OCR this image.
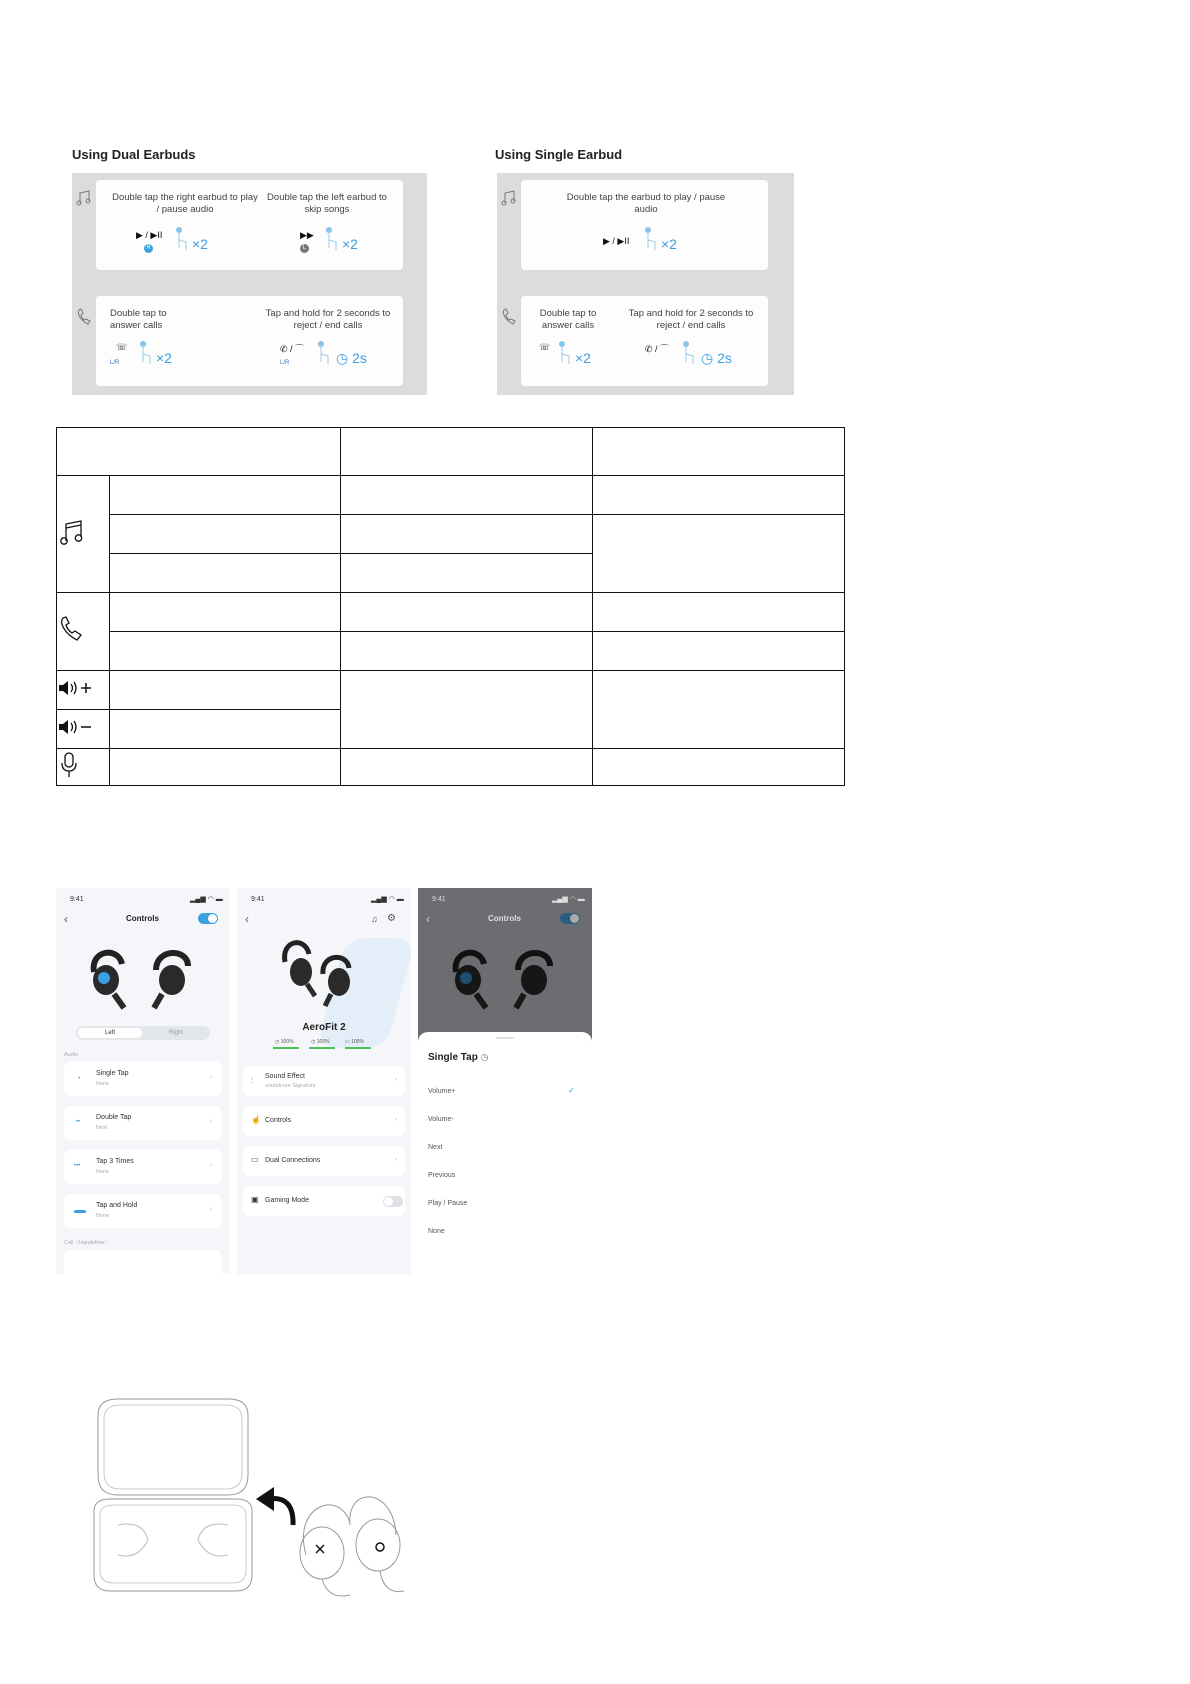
Using Dual Earbuds
Double tap the right earbud to play / pause audio
Double tap the left earbud to skip songs
▶ / ▶II	▶▶
R	L
×2	×2
Double tap to answer calls
Tap and hold for 2 seconds to reject / end calls
☏
L/R	×2
✆ / ⌒
L/R	◷ 2s
Using Single Earbud
Double tap the earbud to play / pause audio
▶ / ▶II ×2
Double tap to answer calls
Tap and hold for 2 seconds to reject / end calls
☏
×2
✆ / ⌒
◷ 2s

9:41	▂▄▆ ◠ ▬
‹	Controls
Left	Right
Audio
•
Single Tap
None
›
••
Double Tap
Next
›
•••
Tap 3 Times
None
›
Tap and Hold
None
›
Call（Handsfree）
9:41	▂▄▆ ◠ ▬
‹	♫ ⚙
AeroFit 2
◷ 100%	◷ 100%	▭ 100%
⫶ Sound Effect
soundcore Signature
›
☝ Controls	›
▭ Dual Connections	›
▣ Gaming Mode
9:41	▂▄▆ ◠ ▬
‹	Controls
Single Tap ◷
Volume+	✓
Volume-
Next
Previous
Play / Pause
None
